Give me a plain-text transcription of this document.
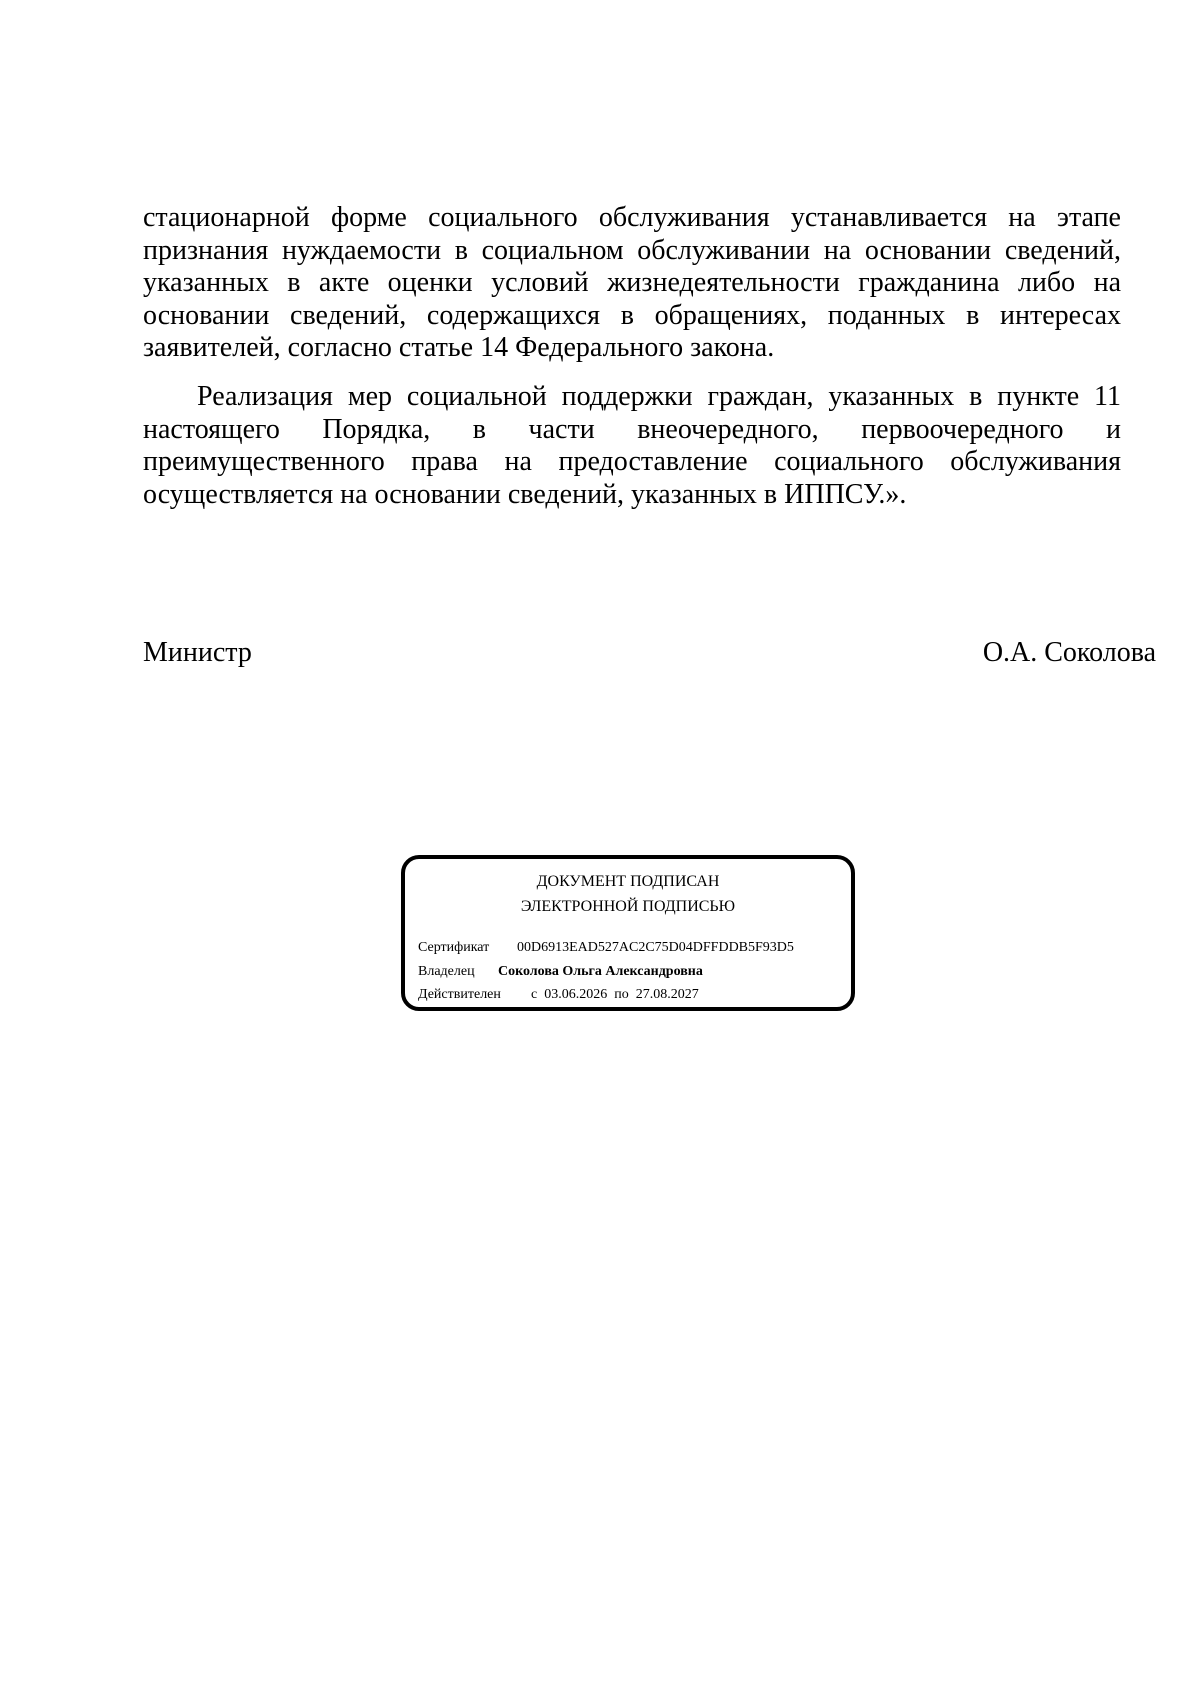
стационарной форме социального обслуживания устанавливается на этапе признания нуждаемости в социальном обслуживании на основании сведений, указанных в акте оценки условий жизнедеятельности гражданина либо на основании сведений, содержащихся в обращениях, поданных в интересах заявителей, согласно статье 14 Федерального закона.
Реализация мер социальной поддержки граждан, указанных в пункте 11 настоящего Порядка, в части внеочередного, первоочередного и преимущественного права на предоставление социального обслуживания осуществляется на основании сведений, указанных в ИППСУ.».
Министр	О.А. Соколова
ДОКУМЕНТ ПОДПИСАН
ЭЛЕКТРОННОЙ ПОДПИСЬЮ
Сертификат 00D6913EAD527AC2C75D04DFFDDB5F93D5
Владелец Соколова Ольга Александровна
Действителен с 03.06.2026 по 27.08.2027
